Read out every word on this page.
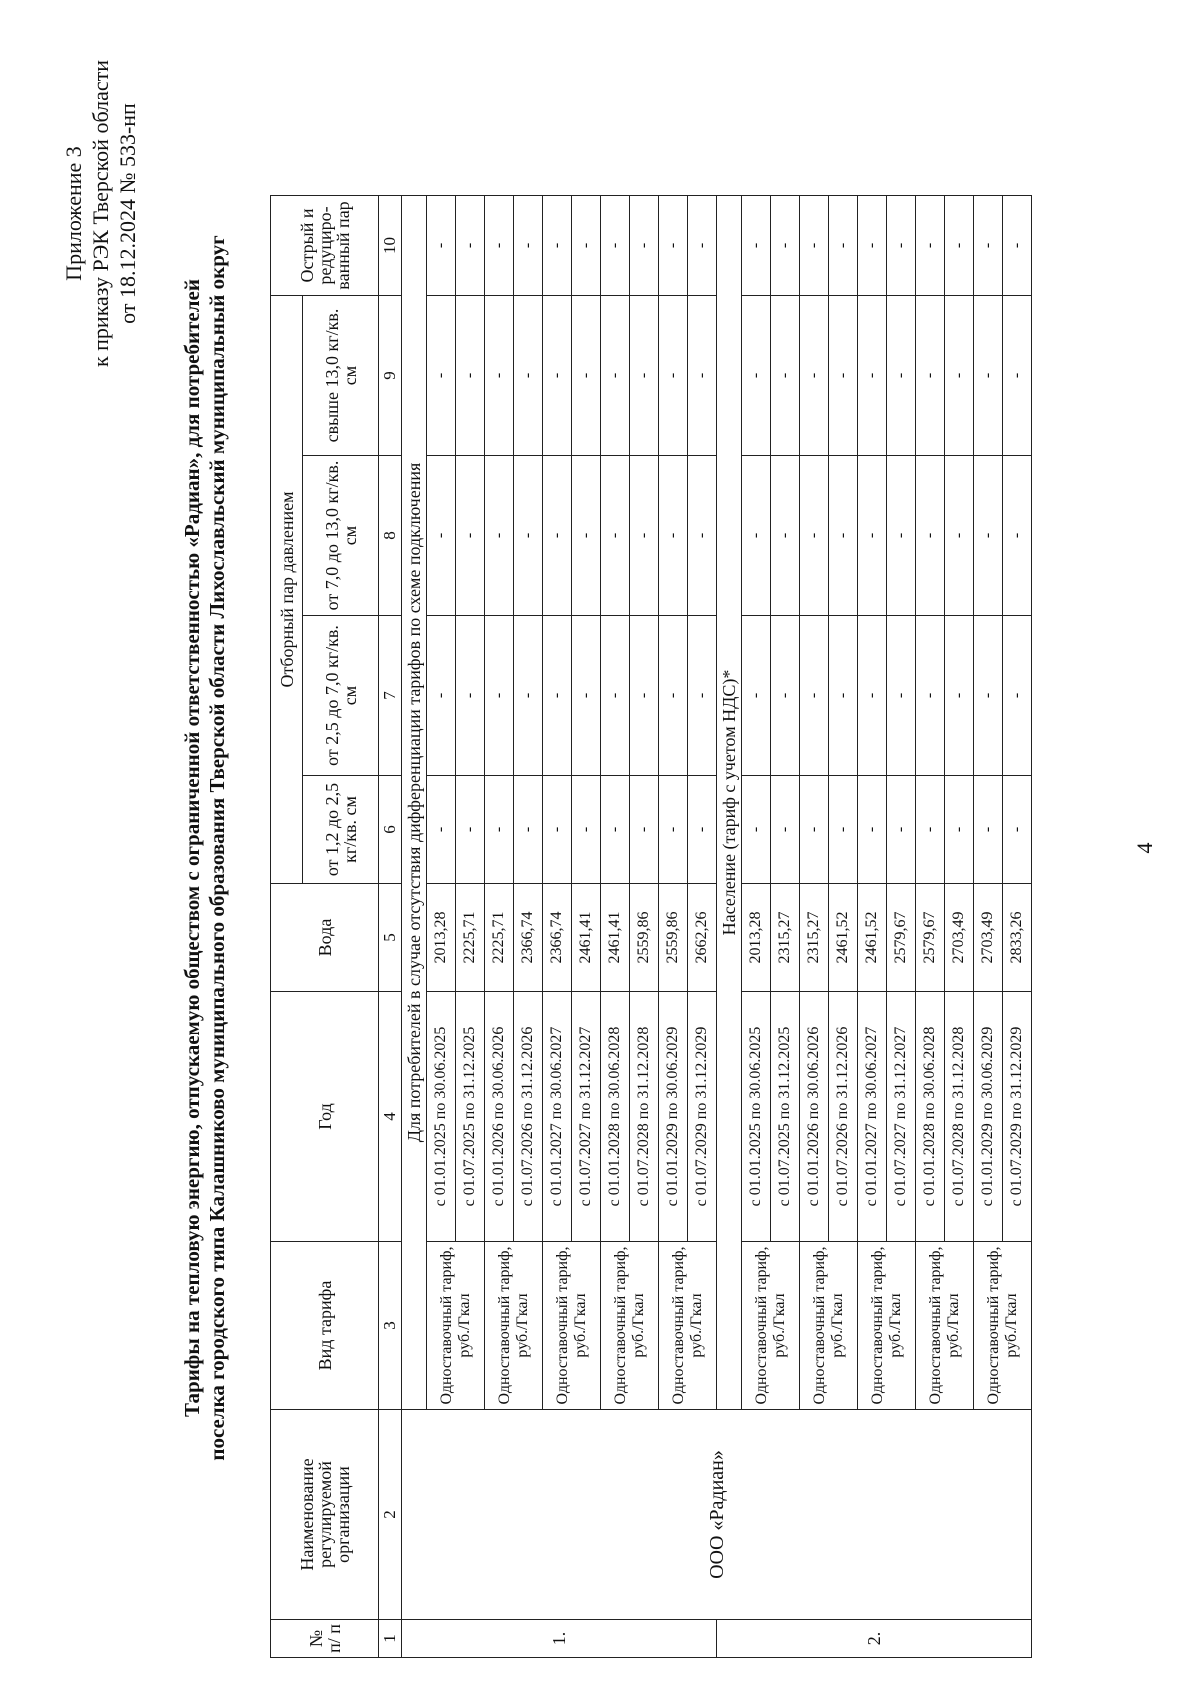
Приложение 3 к приказу РЭК Тверской области от 18.12.2024 № 533-нп
Тарифы на тепловую энергию, отпускаемую обществом с ограниченной ответственностью «Радиан», для потребителей поселка городского типа Калашниково муниципального образования Тверской области Лихославльский муниципальный округ
№ п/ п	Наименование регулируемой организации	Вид тарифа	Год	Вода	Отборный пар давлением				Острый и редуциро-ванный пар
					от 1,2 до 2,5 кг/кв. см	от 2,5 до 7,0 кг/кв. см	от 7,0 до 13,0 кг/кв. см	свыше 13,0 кг/кв. см	
1	2	3	4	5	6	7	8	9	10
1.	ООО «Радиан»	Для потребителей в случае отсутствия дифференциации тарифов по схеме подключения							
		Одноставочный тариф, руб./Гкал	с 01.01.2025 по 30.06.2025	2013,28	-	-	-	-	-
			с 01.07.2025 по 31.12.2025	2225,71	-	-	-	-	-
		Одноставочный тариф, руб./Гкал	с 01.01.2026 по 30.06.2026	2225,71	-	-	-	-	-
			с 01.07.2026 по 31.12.2026	2366,74	-	-	-	-	-
		Одноставочный тариф, руб./Гкал	с 01.01.2027 по 30.06.2027	2366,74	-	-	-	-	-
			с 01.07.2027 по 31.12.2027	2461,41	-	-	-	-	-
		Одноставочный тариф, руб./Гкал	с 01.01.2028 по 30.06.2028	2461,41	-	-	-	-	-
			с 01.07.2028 по 31.12.2028	2559,86	-	-	-	-	-
		Одноставочный тариф, руб./Гкал	с 01.01.2029 по 30.06.2029	2559,86	-	-	-	-	-
			с 01.07.2029 по 31.12.2029	2662,26	-	-	-	-	-
2.		Население (тариф с учетом НДС)*							
		Одноставочный тариф, руб./Гкал	с 01.01.2025 по 30.06.2025	2013,28	-	-	-	-	-
			с 01.07.2025 по 31.12.2025	2315,27	-	-	-	-	-
		Одноставочный тариф, руб./Гкал	с 01.01.2026 по 30.06.2026	2315,27	-	-	-	-	-
			с 01.07.2026 по 31.12.2026	2461,52	-	-	-	-	-
		Одноставочный тариф, руб./Гкал	с 01.01.2027 по 30.06.2027	2461,52	-	-	-	-	-
			с 01.07.2027 по 31.12.2027	2579,67	-	-	-	-	-
		Одноставочный тариф, руб./Гкал	с 01.01.2028 по 30.06.2028	2579,67	-	-	-	-	-
			с 01.07.2028 по 31.12.2028	2703,49	-	-	-	-	-
		Одноставочный тариф, руб./Гкал	с 01.01.2029 по 30.06.2029	2703,49	-	-	-	-	-
			с 01.07.2029 по 31.12.2029	2833,26	-	-	-	-	-
4
